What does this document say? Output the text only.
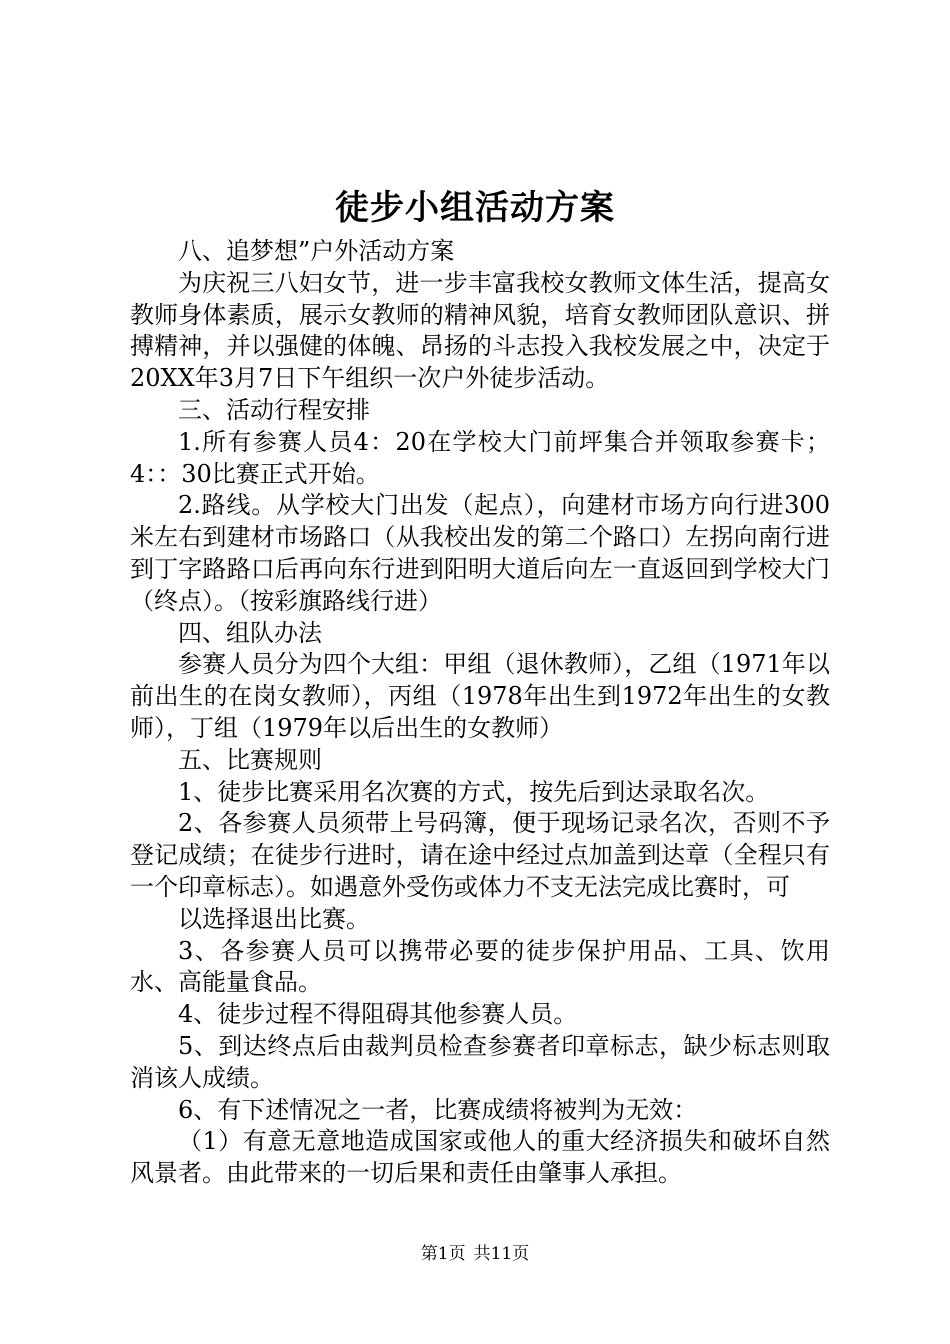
徒步小组活动方案

八、追梦想”户外活动方案

为庆祝三八妇女节，进一步丰富我校女教师文体生活，提高女教师身体素质，展示女教师的精神风貌，培育女教师团队意识、拼搏精神，并以强健的体魄、昂扬的斗志投入我校发展之中，决定于20XX年3月7日下午组织一次户外徒步活动。

三、活动行程安排

1.所有参赛人员4：20在学校大门前坪集合并领取参赛卡；4：：30比赛正式开始。

2.路线。从学校大门出发（起点），向建材市场方向行进300米左右到建材市场路口（从我校出发的第二个路口）左拐向南行进到丁字路路口后再向东行进到阳明大道后向左一直返回到学校大门（终点）。（按彩旗路线行进）

四、组队办法

参赛人员分为四个大组：甲组（退休教师），乙组（1971年以前出生的在岗女教师），丙组（1978年出生到1972年出生的女教师），丁组（1979年以后出生的女教师）

五、比赛规则

1、徒步比赛采用名次赛的方式，按先后到达录取名次。

2、各参赛人员须带上号码簿，便于现场记录名次，否则不予登记成绩；在徒步行进时，请在途中经过点加盖到达章（全程只有一个印章标志）。如遇意外受伤或体力不支无法完成比赛时，可

以选择退出比赛。

3、各参赛人员可以携带必要的徒步保护用品、工具、饮用水、高能量食品。

4、徒步过程不得阻碍其他参赛人员。

5、到达终点后由裁判员检查参赛者印章标志，缺少标志则取消该人成绩。

6、有下述情况之一者，比赛成绩将被判为无效：

（1）有意无意地造成国家或他人的重大经济损失和破坏自然风景者。由此带来的一切后果和责任由肇事人承担。

第1页 共11页
